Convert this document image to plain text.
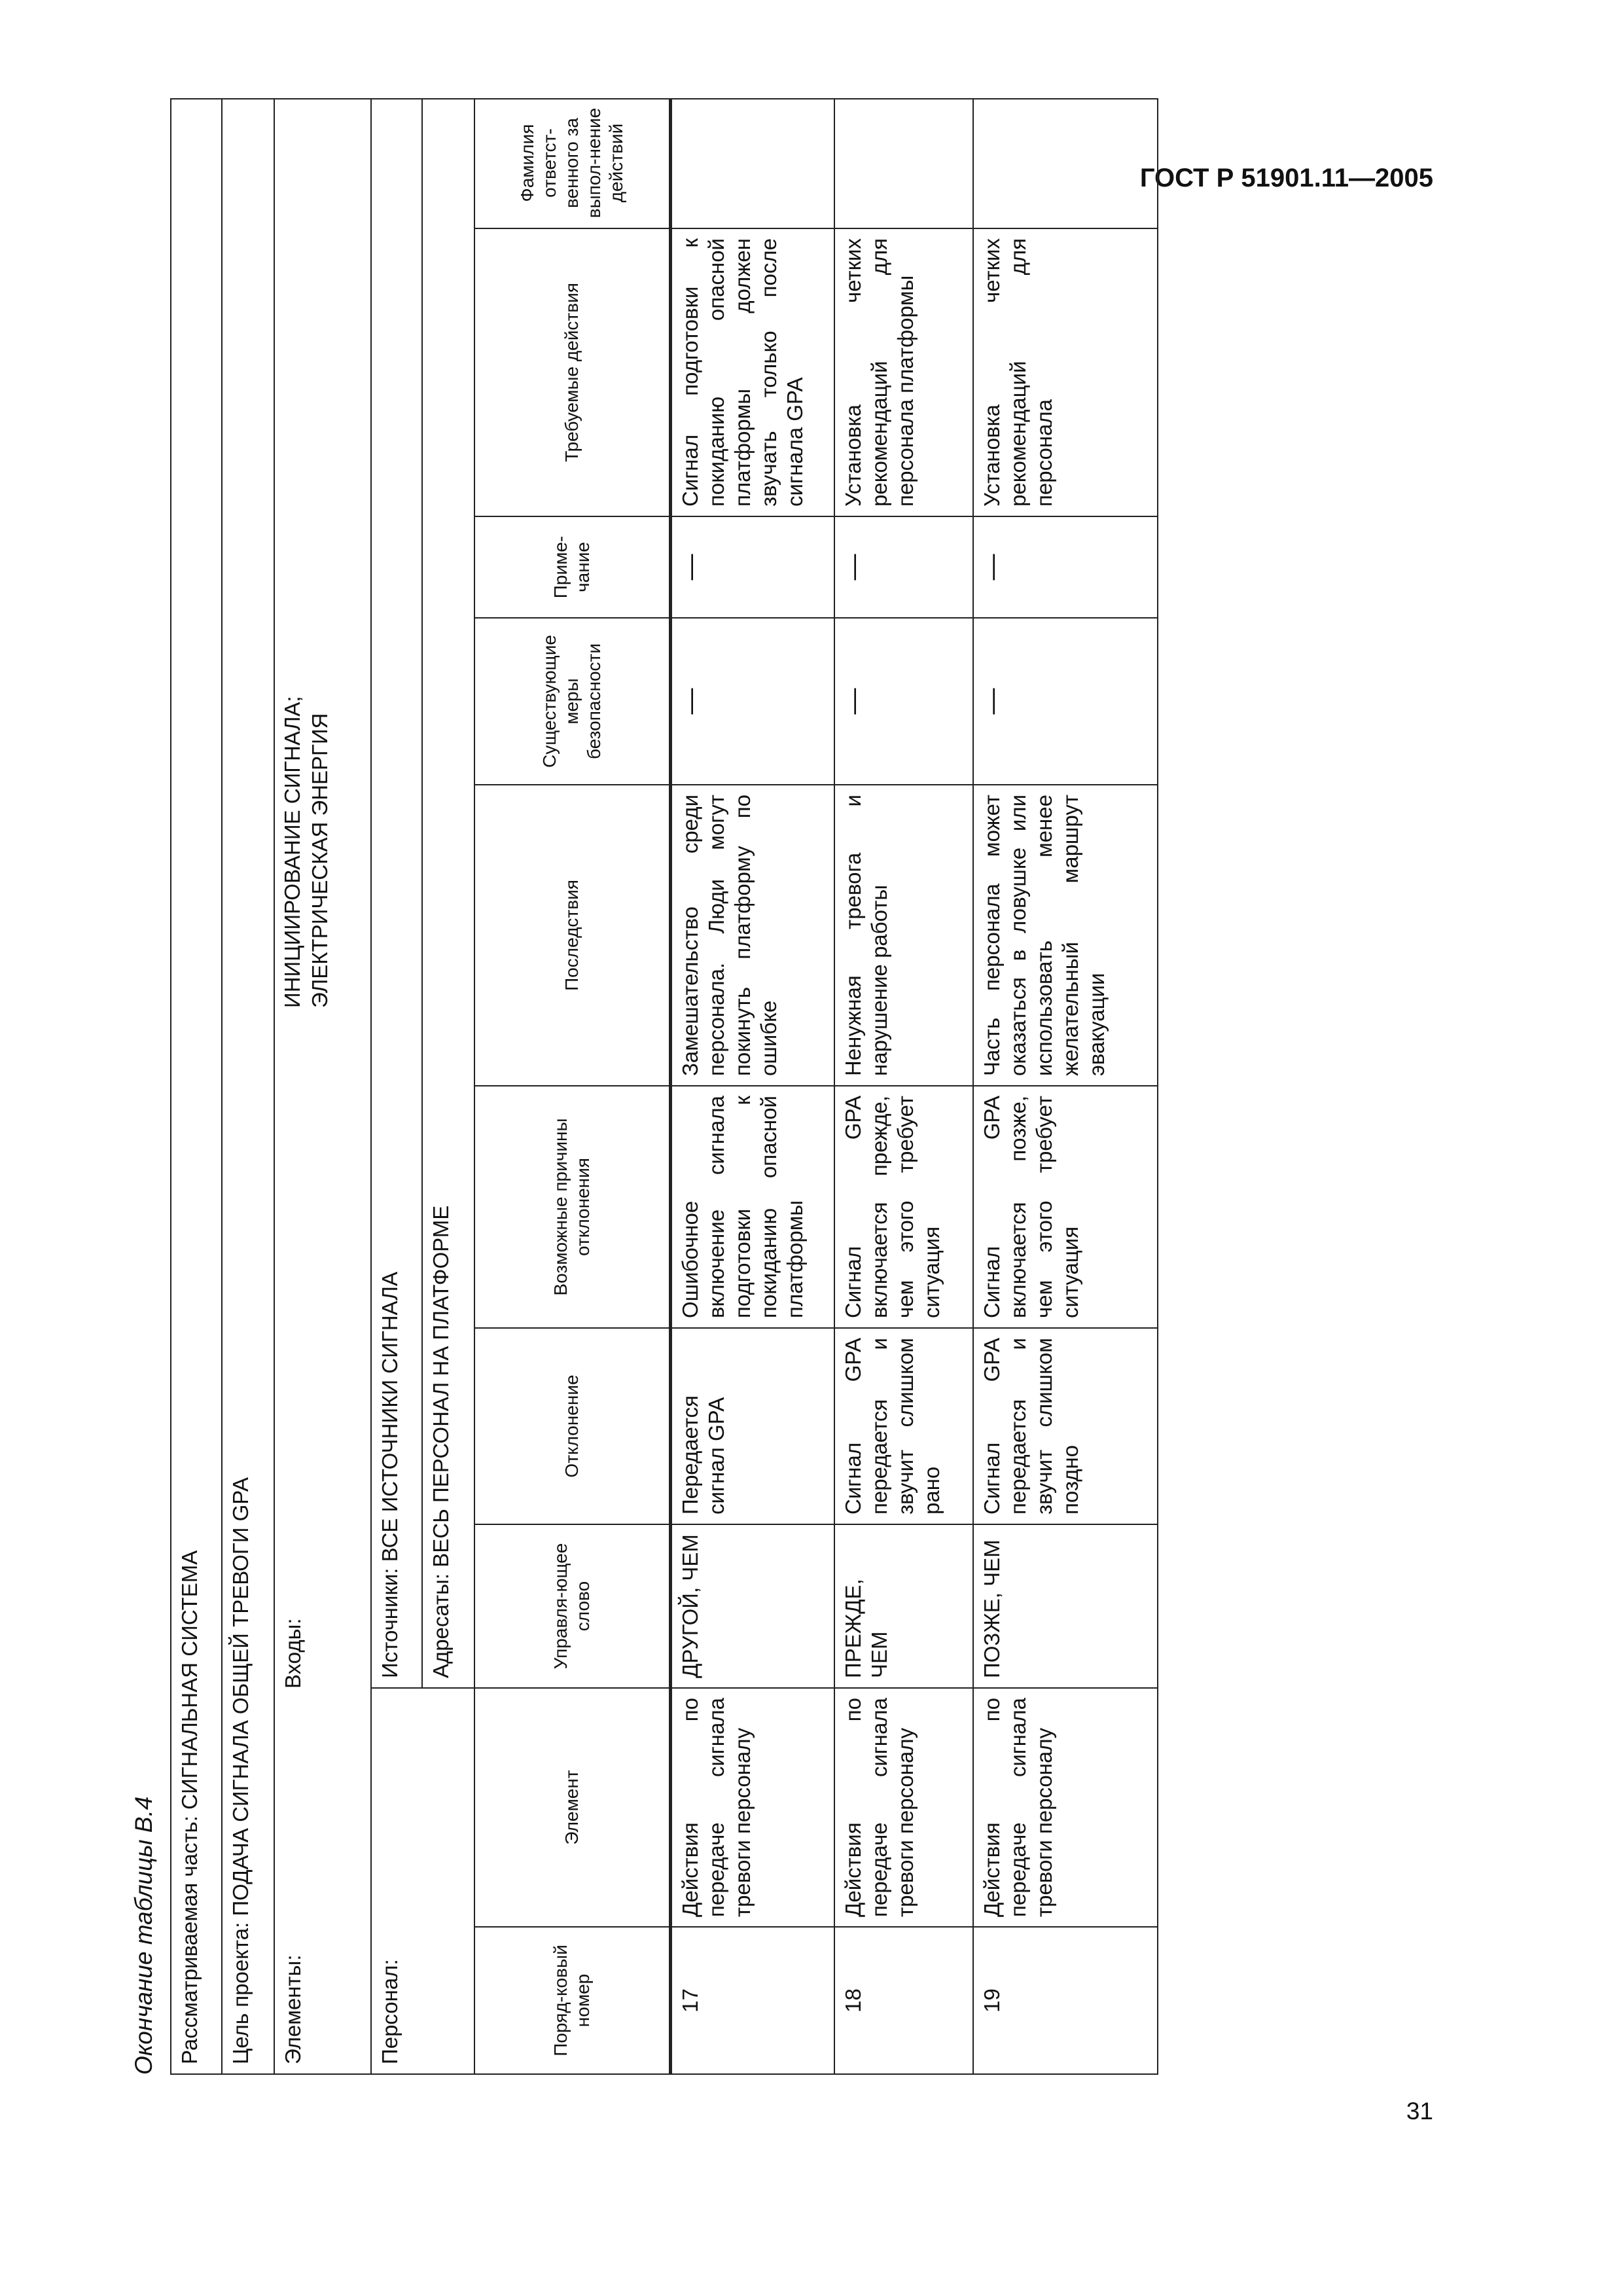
ГОСТ Р 51901.11—2005
31
Окончание таблицы В.4 Рассматриваемая часть: СИГНАЛЬНАЯ СИСТЕМА
Цель проекта: ПОДАЧА СИГНАЛА ОБЩЕЙ ТРЕВОГИ GPA
Элементы:
Входы:
ИНИЦИИРОВАНИЕ СИГНАЛА; ЭЛЕКТРИЧЕСКАЯ ЭНЕРГИЯ
Персонал:
Источники: ВСЕ ИСТОЧНИКИ СИГНАЛА
Адресаты: ВЕСЬ ПЕРСОНАЛ НА ПЛАТФОРМЕ
Поряд-ковый номер
Элемент
Управля-ющее слово
Отклонение
Возможные причины отклонения
Последствия
Существующие меры безопасности
Приме-чание
Требуемые действия
Фамилия ответст-венного за выпол-нение действий
17
Действия по передаче сигнала тревоги персоналу
ДРУГОЙ, ЧЕМ
Передается сигнал GPA
Ошибочное включение сигнала подготовки к покиданию опасной платформы
Замешательство среди персонала. Люди могут покинуть платформу по ошибке
—
—
Сигнал подготовки к покиданию опасной платформы должен звучать только после сигнала GPA
18
Действия по передаче сигнала тревоги персоналу
ПРЕЖДЕ, ЧЕМ
Сигнал GPA передается и звучит слишком рано
Сигнал GPA включается прежде, чем этого требует ситуация
Ненужная тревога и нарушение работы
—
—
Установка четких рекомендаций для персонала платформы
19
Действия по передаче сигнала тревоги персоналу
ПОЗЖЕ, ЧЕМ
Сигнал GPA передается и звучит слишком поздно
Сигнал GPA включается позже, чем этого требует ситуация
Часть персонала может оказаться в ловушке или использовать менее желательный маршрут эвакуации
—
—
Установка четких рекомендаций для персонала
